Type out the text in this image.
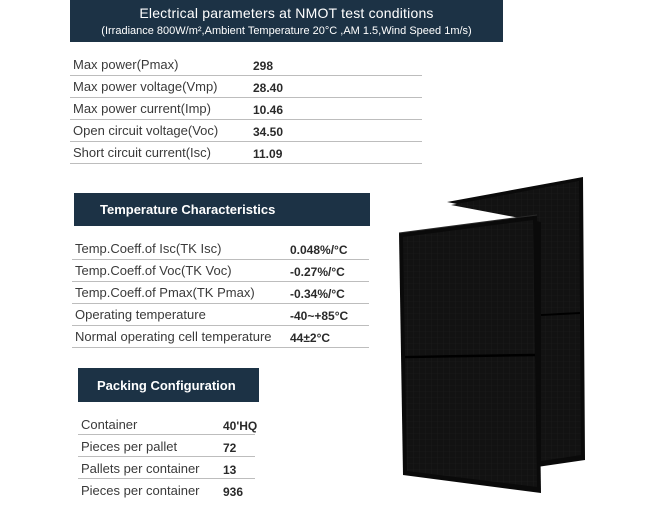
Electrical parameters at NMOT test conditions
(Irradiance 800W/m²,Ambient Temperature 20°C ,AM 1.5,Wind Speed 1m/s)
Max power(Pmax)	298
Max power voltage(Vmp)	28.40
Max power current(Imp)	10.46
Open circuit voltage(Voc)	34.50
Short circuit current(Isc)	11.09
Temperature Characteristics
Temp.Coeff.of Isc(TK Isc)	0.048%/°C
Temp.Coeff.of Voc(TK Voc)	-0.27%/°C
Temp.Coeff.of Pmax(TK Pmax)	-0.34%/°C
Operating temperature	-40~+85°C
Normal operating cell temperature 44±2°C
Packing Configuration
Container	40'HQ
Pieces per pallet	72
Pallets per container 13
Pieces per container 936
